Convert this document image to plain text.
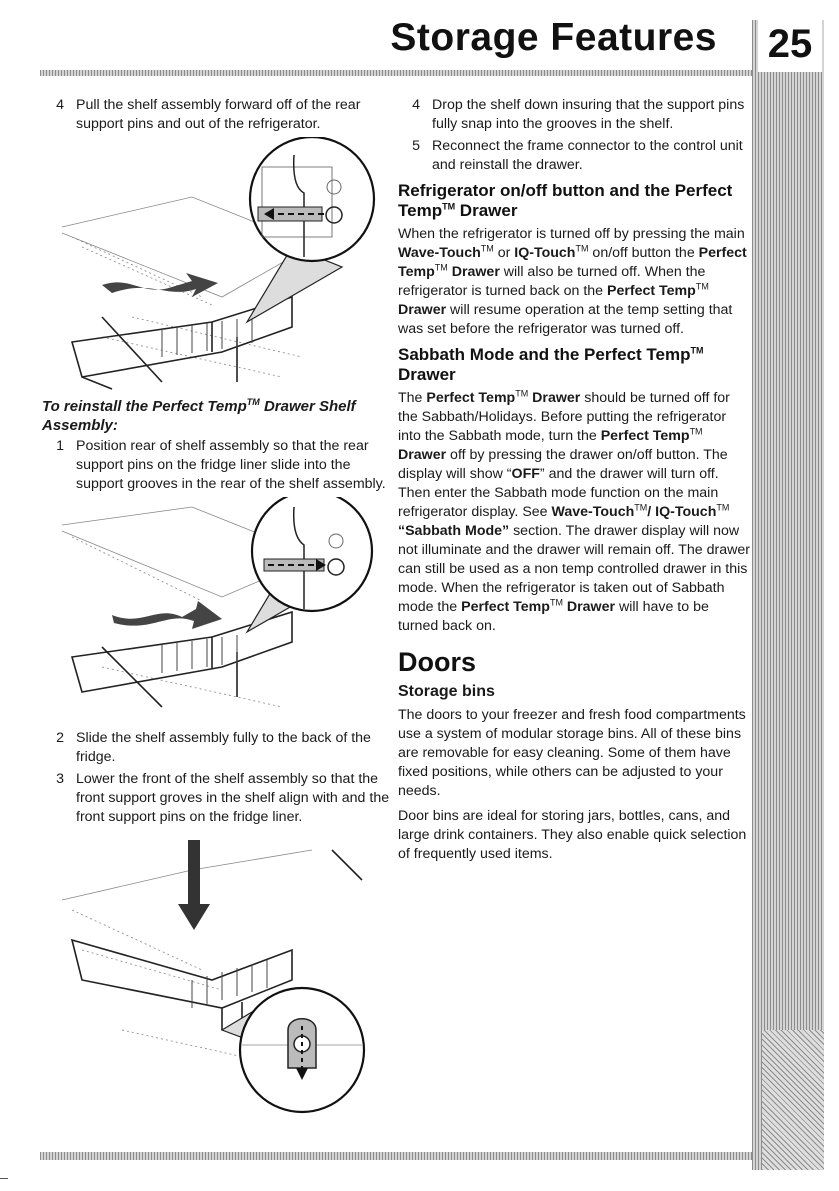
Storage Features 25
4 Pull the shelf assembly forward off of the rear support pins and out of the refrigerator.
To reinstall the Perfect Temp™ Drawer Shelf Assembly:
1 Position rear of shelf assembly so that the rear support pins on the fridge liner slide into the support grooves in the rear of the shelf assembly.
2 Slide the shelf assembly fully to the back of the fridge.
3 Lower the front of the shelf assembly so that the front support groves in the shelf align with and the front support pins on the fridge liner.
4 Drop the shelf down insuring that the support pins fully snap into the grooves in the shelf.
5 Reconnect the frame connector to the control unit and reinstall the drawer.
Refrigerator on/off button and the Perfect Temp™ Drawer

When the refrigerator is turned off by pressing the main Wave-Touch™ or IQ-Touch™ on/off button the Perfect Temp™ Drawer will also be turned off. When the refrigerator is turned back on the Perfect Temp™ Drawer will resume operation at the temp setting that was set before the refrigerator was turned off.

Sabbath Mode and the Perfect Temp™ Drawer

The Perfect Temp™ Drawer should be turned off for the Sabbath/Holidays. Before putting the refrigerator into the Sabbath mode, turn the Perfect Temp™ Drawer off by pressing the drawer on/off button. The display will show “OFF” and the drawer will turn off. Then enter the Sabbath mode function on the main refrigerator display. See Wave-Touch™/ IQ-Touch™ “Sabbath Mode” section. The drawer display will now not illuminate and the drawer will remain off. The drawer can still be used as a non temp controlled drawer in this mode. When the refrigerator is taken out of Sabbath mode the Perfect Temp™ Drawer will have to be turned back on.

Doors
Storage bins

The doors to your freezer and fresh food compartments use a system of modular storage bins. All of these bins are removable for easy cleaning. Some of them have fixed positions, while others can be adjusted to your needs.

Door bins are ideal for storing jars, bottles, cans, and large drink containers. They also enable quick selection of frequently used items.
